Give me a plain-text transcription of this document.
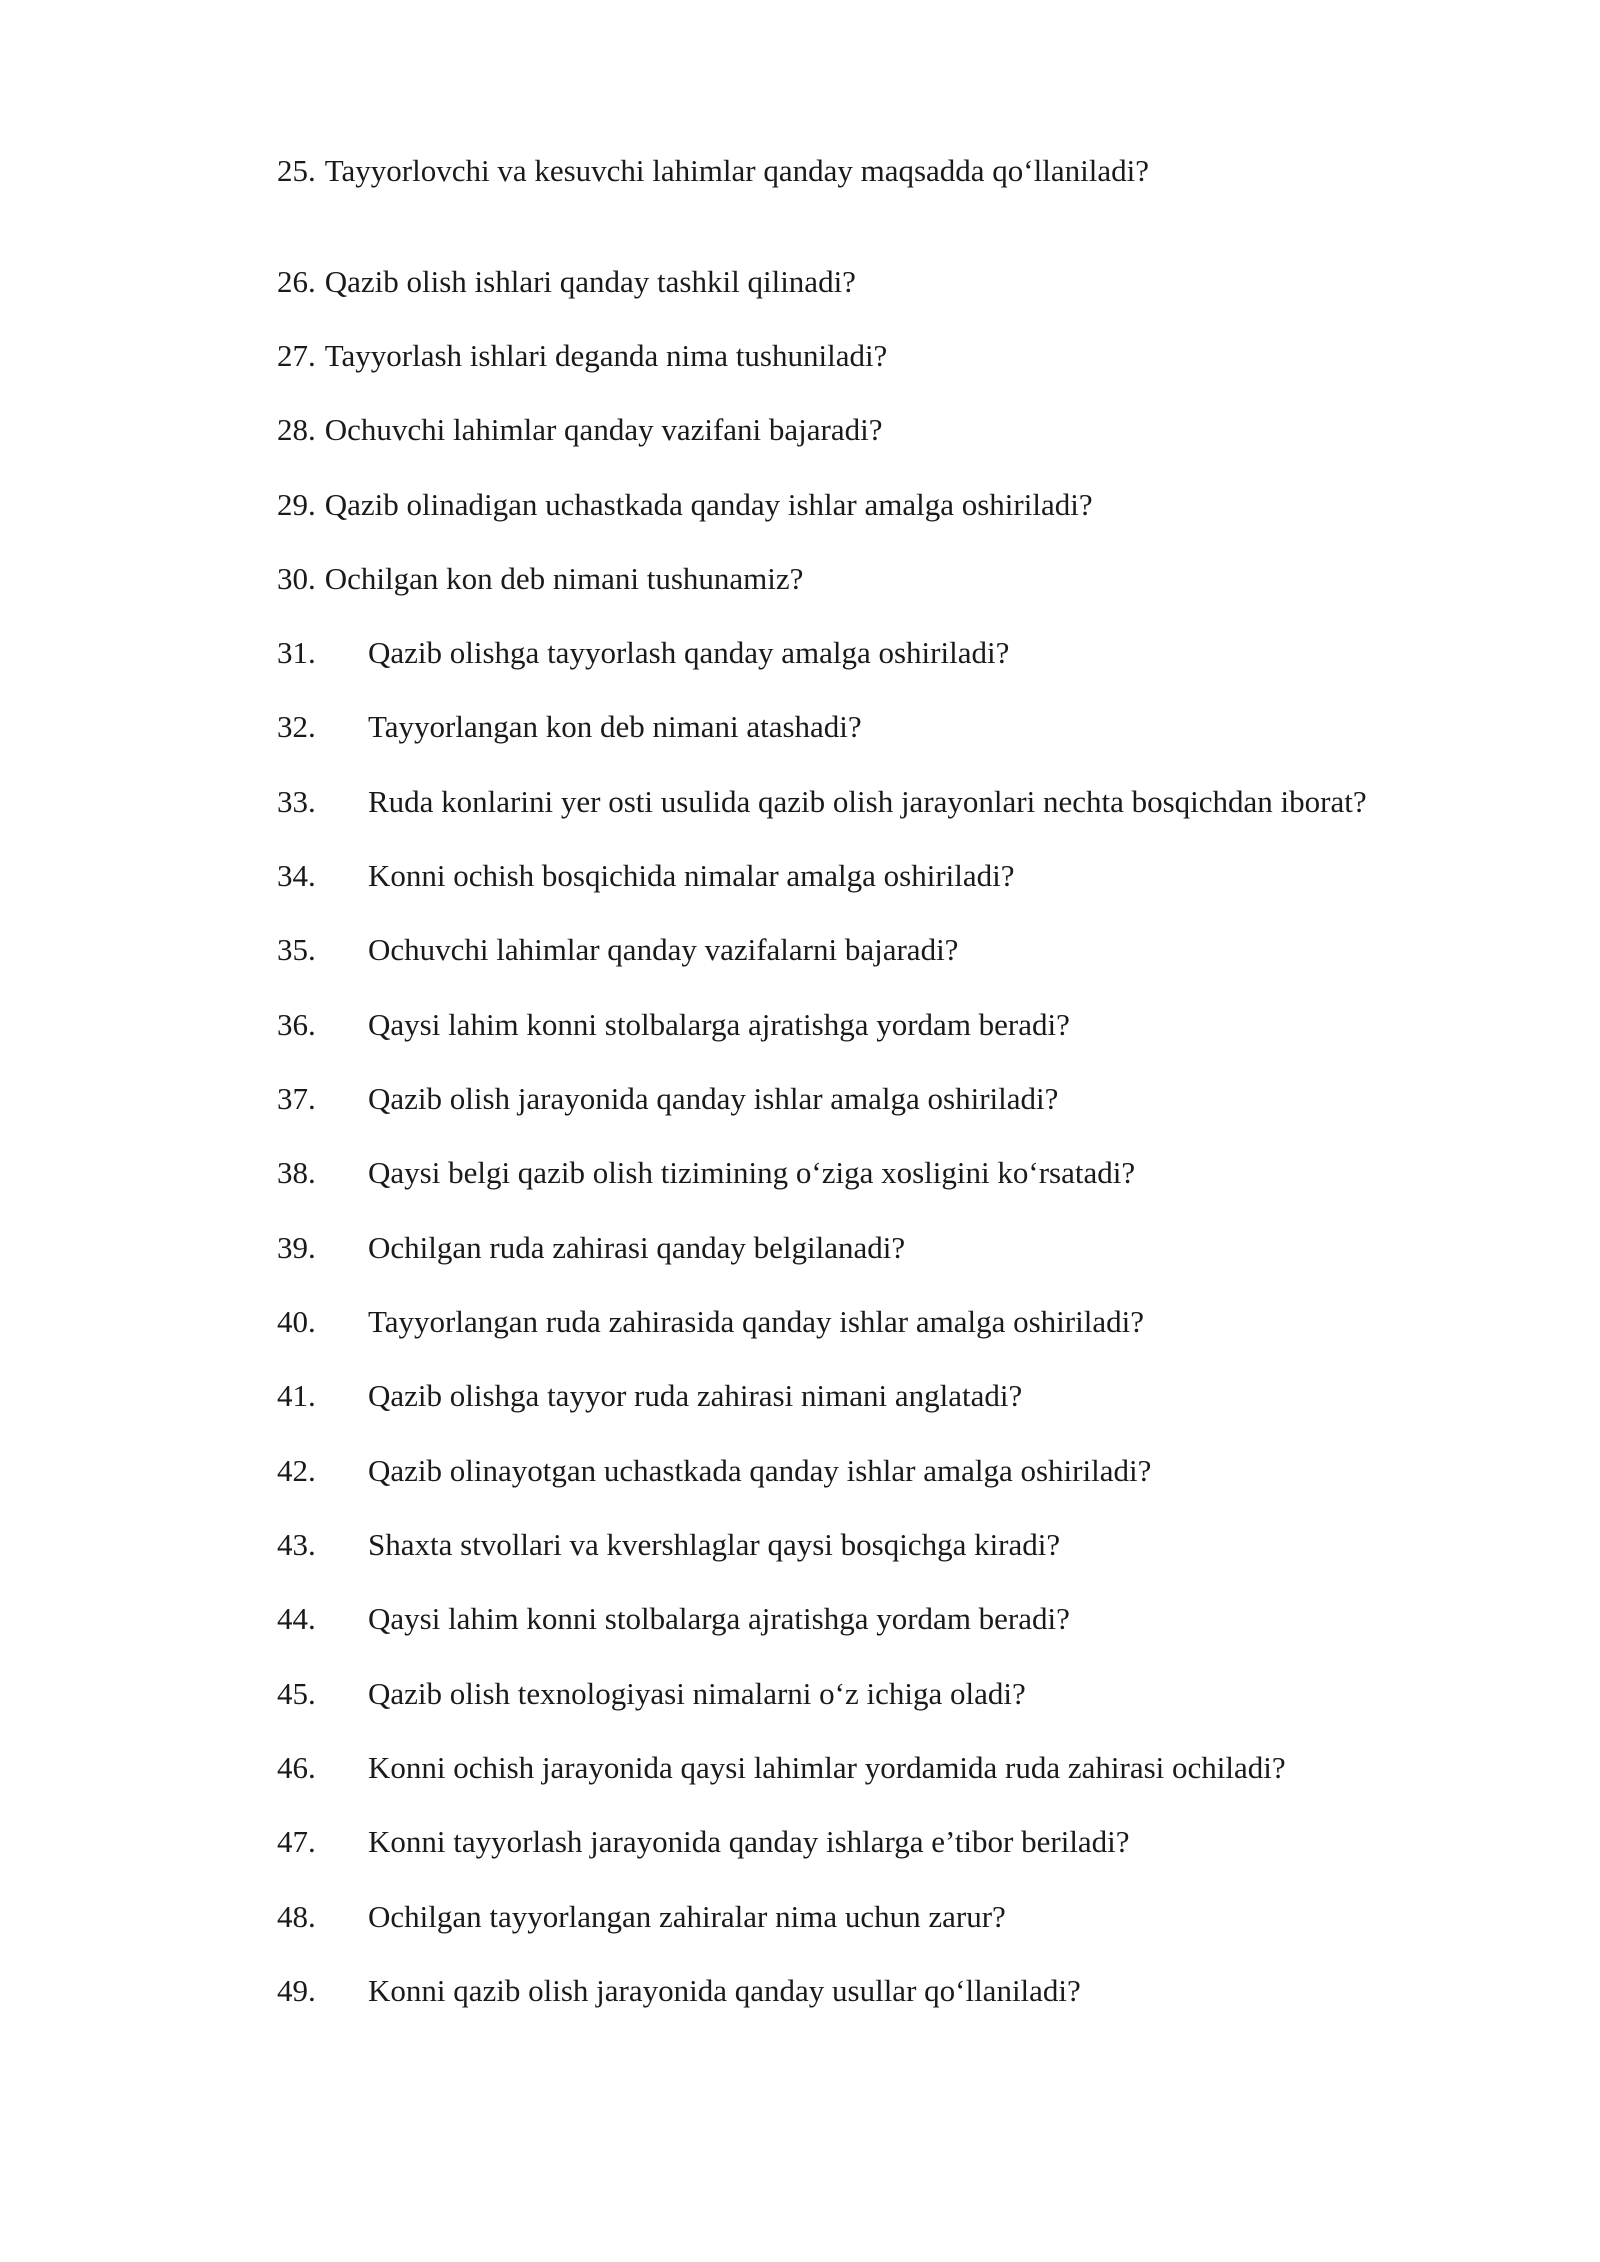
25. Tayyorlovchi va kesuvchi lahimlar qanday maqsadda qo‘llaniladi?
26. Qazib olish ishlari qanday tashkil qilinadi?
27. Tayyorlash ishlari deganda nima tushuniladi?
28. Ochuvchi lahimlar qanday vazifani bajaradi?
29. Qazib olinadigan uchastkada qanday ishlar amalga oshiriladi?
30. Ochilgan kon deb nimani tushunamiz?
31. Qazib olishga tayyorlash qanday amalga oshiriladi?
32. Tayyorlangan kon deb nimani atashadi?
33. Ruda konlarini yer osti usulida qazib olish jarayonlari nechta bosqichdan iborat?
34. Konni ochish bosqichida nimalar amalga oshiriladi?
35. Ochuvchi lahimlar qanday vazifalarni bajaradi?
36. Qaysi lahim konni stolbalarga ajratishga yordam beradi?
37. Qazib olish jarayonida qanday ishlar amalga oshiriladi?
38. Qaysi belgi qazib olish tizimining o‘ziga xosligini ko‘rsatadi?
39. Ochilgan ruda zahirasi qanday belgilanadi?
40. Tayyorlangan ruda zahirasida qanday ishlar amalga oshiriladi?
41. Qazib olishga tayyor ruda zahirasi nimani anglatadi?
42. Qazib olinayotgan uchastkada qanday ishlar amalga oshiriladi?
43. Shaxta stvollari va kvershlaglar qaysi bosqichga kiradi?
44. Qaysi lahim konni stolbalarga ajratishga yordam beradi?
45. Qazib olish texnologiyasi nimalarni o‘z ichiga oladi?
46. Konni ochish jarayonida qaysi lahimlar yordamida ruda zahirasi ochiladi?
47. Konni tayyorlash jarayonida qanday ishlarga e’tibor beriladi?
48. Ochilgan tayyorlangan zahiralar nima uchun zarur?
49. Konni qazib olish jarayonida qanday usullar qo‘llaniladi?
